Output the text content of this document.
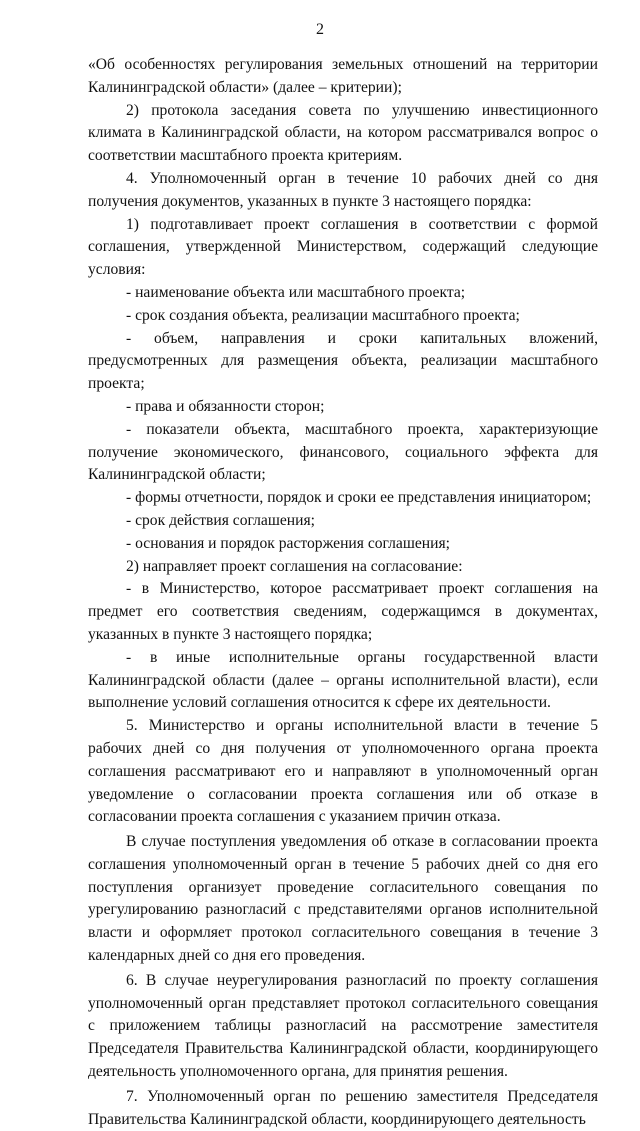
2

«Об особенностях регулирования земельных отношений на территории Калининградской области» (далее – критерии);

2) протокола заседания совета по улучшению инвестиционного климата в Калининградской области, на котором рассматривался вопрос о соответствии масштабного проекта критериям.

4. Уполномоченный орган в течение 10 рабочих дней со дня получения документов, указанных в пункте 3 настоящего порядка:

1) подготавливает проект соглашения в соответствии с формой соглашения, утвержденной Министерством, содержащий следующие условия:

- наименование объекта или масштабного проекта;

- срок создания объекта, реализации масштабного проекта;

- объем, направления и сроки капитальных вложений, предусмотренных для размещения объекта, реализации масштабного проекта;

- права и обязанности сторон;

- показатели объекта, масштабного проекта, характеризующие получение экономического, финансового, социального эффекта для Калининградской области;

- формы отчетности, порядок и сроки ее представления инициатором;

- срок действия соглашения;

- основания и порядок расторжения соглашения;

2) направляет проект соглашения на согласование:

- в Министерство, которое рассматривает проект соглашения на предмет его соответствия сведениям, содержащимся в документах, указанных в пункте 3 настоящего порядка;

- в иные исполнительные органы государственной власти Калининградской области (далее – органы исполнительной власти), если выполнение условий соглашения относится к сфере их деятельности.

5. Министерство и органы исполнительной власти в течение 5 рабочих дней со дня получения от уполномоченного органа проекта соглашения рассматривают его и направляют в уполномоченный орган уведомление о согласовании проекта соглашения или об отказе в согласовании проекта соглашения с указанием причин отказа.

В случае поступления уведомления об отказе в согласовании проекта соглашения уполномоченный орган в течение 5 рабочих дней со дня его поступления организует проведение согласительного совещания по урегулированию разногласий с представителями органов исполнительной власти и оформляет протокол согласительного совещания в течение 3 календарных дней со дня его проведения.

6. В случае неурегулирования разногласий по проекту соглашения уполномоченный орган представляет протокол согласительного совещания с приложением таблицы разногласий на рассмотрение заместителя Председателя Правительства Калининградской области, координирующего деятельность уполномоченного органа, для принятия решения.

7. Уполномоченный орган по решению заместителя Председателя Правительства Калининградской области, координирующего деятельность
